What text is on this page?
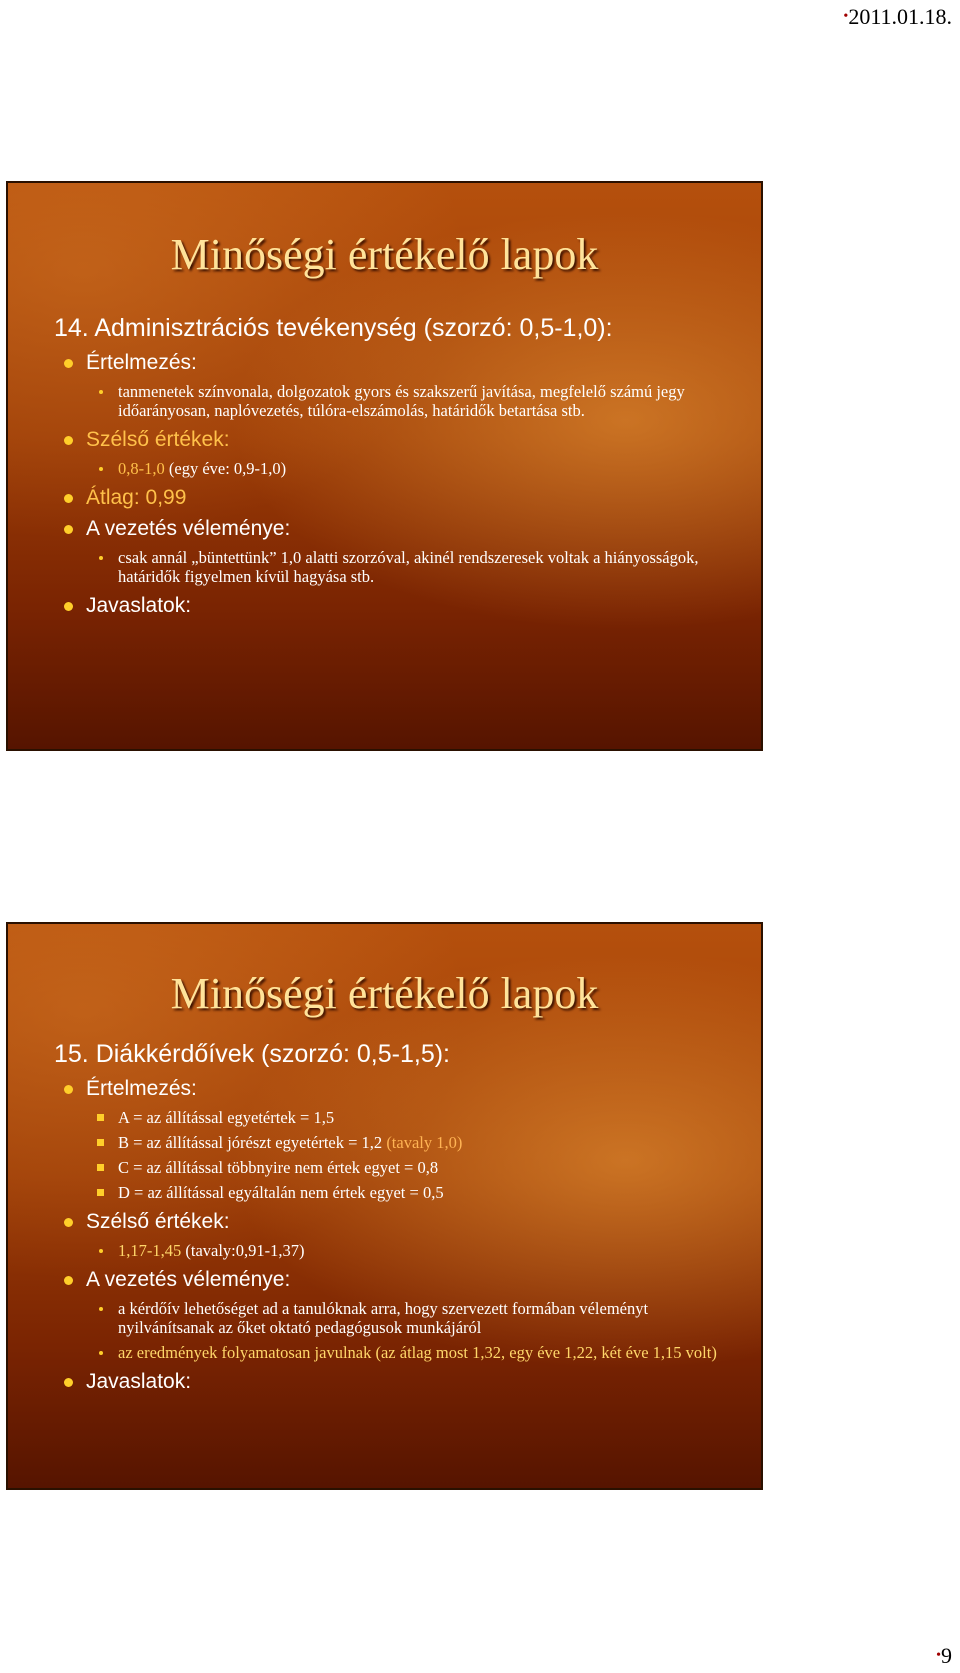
•2011.01.18.
Minőségi értékelő lapok

14. Adminisztrációs tevékenység (szorzó: 0,5-1,0):

Értelmezés:
tanmenetek színvonala, dolgozatok gyors és szakszerű javítása, megfelelő számú jegy időarányosan, naplóvezetés, túlóra-elszámolás, határidők betartása stb.
Szélső értékek:
0,8-1,0 (egy éve: 0,9-1,0)
Átlag: 0,99
A vezetés véleménye:
csak annál „büntettünk” 1,0 alatti szorzóval, akinél rendszeresek voltak a hiányosságok, határidők figyelmen kívül hagyása stb.
Javaslatok:
Minőségi értékelő lapok

15. Diákkérdőívek (szorzó: 0,5-1,5):

Értelmezés:
A = az állítással egyetértek = 1,5
B = az állítással jórészt egyetértek = 1,2 (tavaly 1,0)
C = az állítással többnyire nem értek egyet = 0,8
D = az állítással egyáltalán nem értek egyet = 0,5
Szélső értékek:
1,17-1,45 (tavaly:0,91-1,37)
A vezetés véleménye:
a kérdőív lehetőséget ad a tanulóknak arra, hogy szervezett formában véleményt nyilvánítsanak az őket oktató pedagógusok munkájáról
az eredmények folyamatosan javulnak (az átlag most 1,32, egy éve 1,22, két éve 1,15 volt)
Javaslatok:
•9
